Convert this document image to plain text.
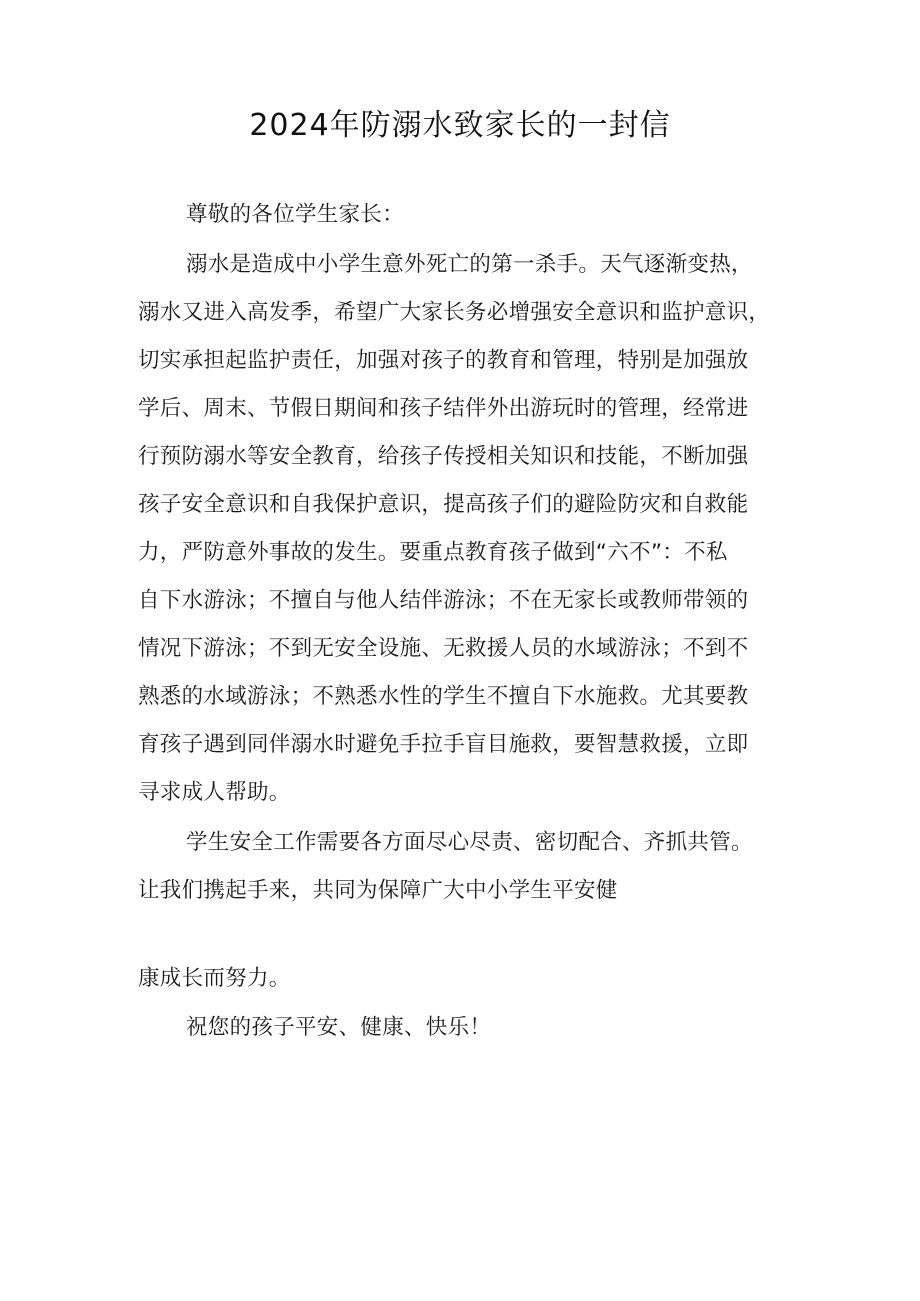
2024年防溺水致家长的一封信
尊敬的各位学生家长：
溺水是造成中小学生意外死亡的第一杀手。天气逐渐变热，
溺水又进入高发季，希望广大家长务必增强安全意识和监护意识，
切实承担起监护责任，加强对孩子的教育和管理，特别是加强放
学后、周末、节假日期间和孩子结伴外出游玩时的管理，经常进
行预防溺水等安全教育，给孩子传授相关知识和技能，不断加强
孩子安全意识和自我保护意识，提高孩子们的避险防灾和自救能
力，严防意外事故的发生。要重点教育孩子做到“六不”：不私
自下水游泳；不擅自与他人结伴游泳；不在无家长或教师带领的
情况下游泳；不到无安全设施、无救援人员的水域游泳；不到不
熟悉的水域游泳；不熟悉水性的学生不擅自下水施救。尤其要教
育孩子遇到同伴溺水时避免手拉手盲目施救，要智慧救援，立即
寻求成人帮助。
学生安全工作需要各方面尽心尽责、密切配合、齐抓共管。
让我们携起手来，共同为保障广大中小学生平安健
康成长而努力。
祝您的孩子平安、健康、快乐！
